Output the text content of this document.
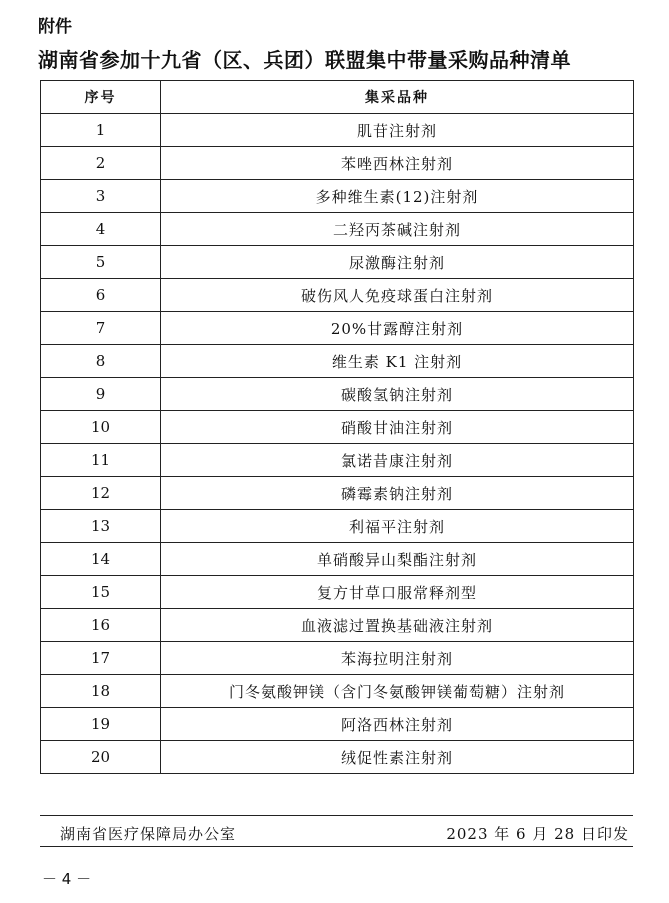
附件
湖南省参加十九省（区、兵团）联盟集中带量采购品种清单
序号	集采品种
1	肌苷注射剂
2	苯唑西林注射剂
3	多种维生素(12)注射剂
4	二羟丙茶碱注射剂
5	尿激酶注射剂
6	破伤风人免疫球蛋白注射剂
7	20%甘露醇注射剂
8	维生素 K1 注射剂
9	碳酸氢钠注射剂
10	硝酸甘油注射剂
11	氯诺昔康注射剂
12	磷霉素钠注射剂
13	利福平注射剂
14	单硝酸异山梨酯注射剂
15	复方甘草口服常释剂型
16	血液滤过置换基础液注射剂
17	苯海拉明注射剂
18	门冬氨酸钾镁（含门冬氨酸钾镁葡萄糖）注射剂
19	阿洛西林注射剂
20	绒促性素注射剂
湖南省医疗保障局办公室	2023 年 6 月 28 日印发
－ 4 －
